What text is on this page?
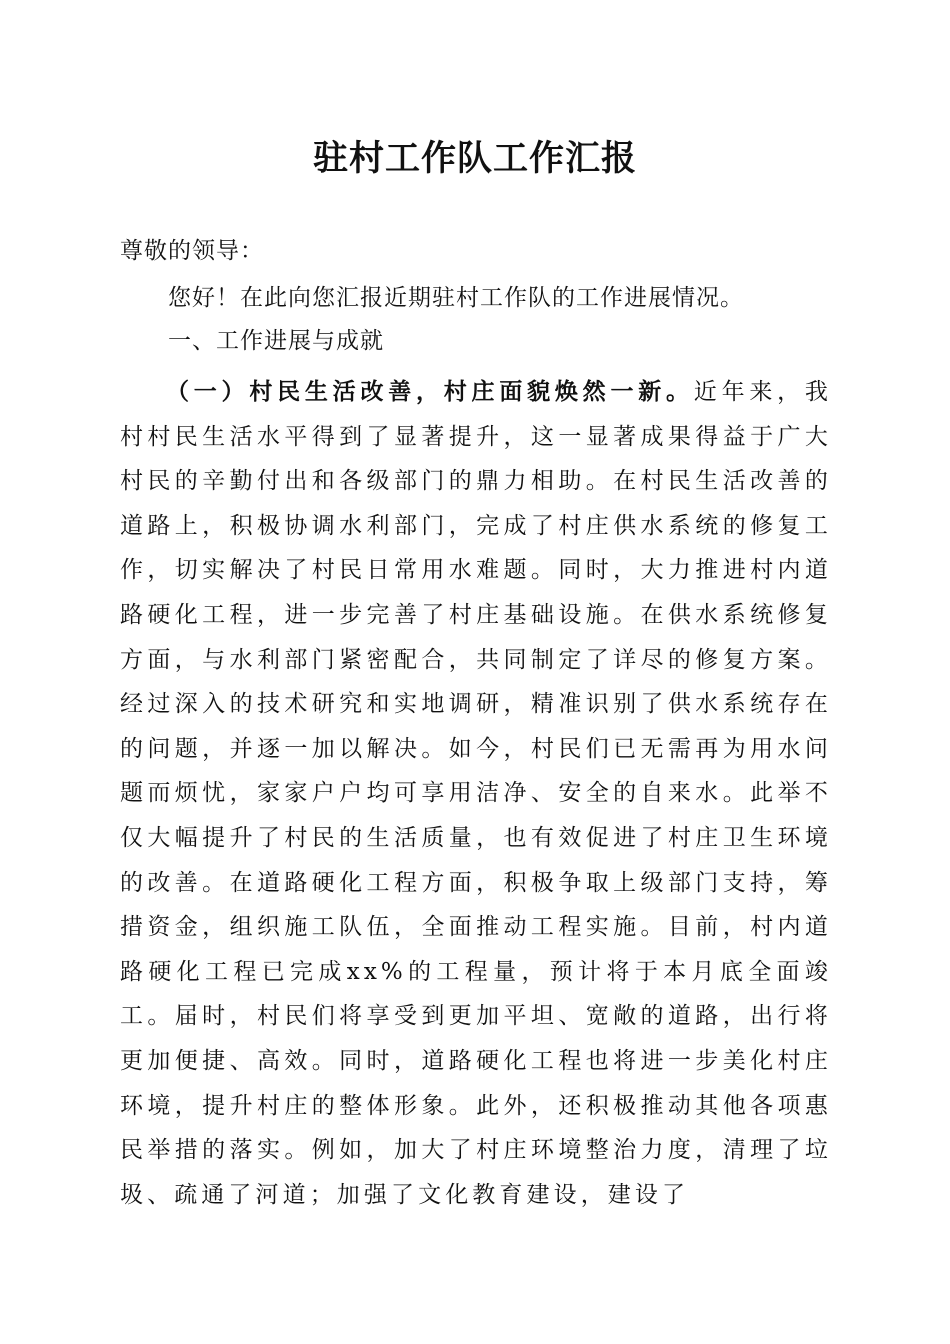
驻村工作队工作汇报

尊敬的领导：

您好！在此向您汇报近期驻村工作队的工作进展情况。

一、工作进展与成就

（一）村民生活改善，村庄面貌焕然一新。近年来，我村村民生活水平得到了显著提升，这一显著成果得益于广大村民的辛勤付出和各级部门的鼎力相助。在村民生活改善的道路上，积极协调水利部门，完成了村庄供水系统的修复工作，切实解决了村民日常用水难题。同时，大力推进村内道路硬化工程，进一步完善了村庄基础设施。在供水系统修复方面，与水利部门紧密配合，共同制定了详尽的修复方案。经过深入的技术研究和实地调研，精准识别了供水系统存在的问题，并逐一加以解决。如今，村民们已无需再为用水问题而烦忧，家家户户均可享用洁净、安全的自来水。此举不仅大幅提升了村民的生活质量，也有效促进了村庄卫生环境的改善。在道路硬化工程方面，积极争取上级部门支持，筹措资金，组织施工队伍，全面推动工程实施。目前，村内道路硬化工程已完成xx%的工程量，预计将于本月底全面竣工。届时，村民们将享受到更加平坦、宽敞的道路，出行将更加便捷、高效。同时，道路硬化工程也将进一步美化村庄环境，提升村庄的整体形象。此外，还积极推动其他各项惠民举措的落实。例如，加大了村庄环境整治力度，清理了垃圾、疏通了河道；加强了文化教育建设，建设了
